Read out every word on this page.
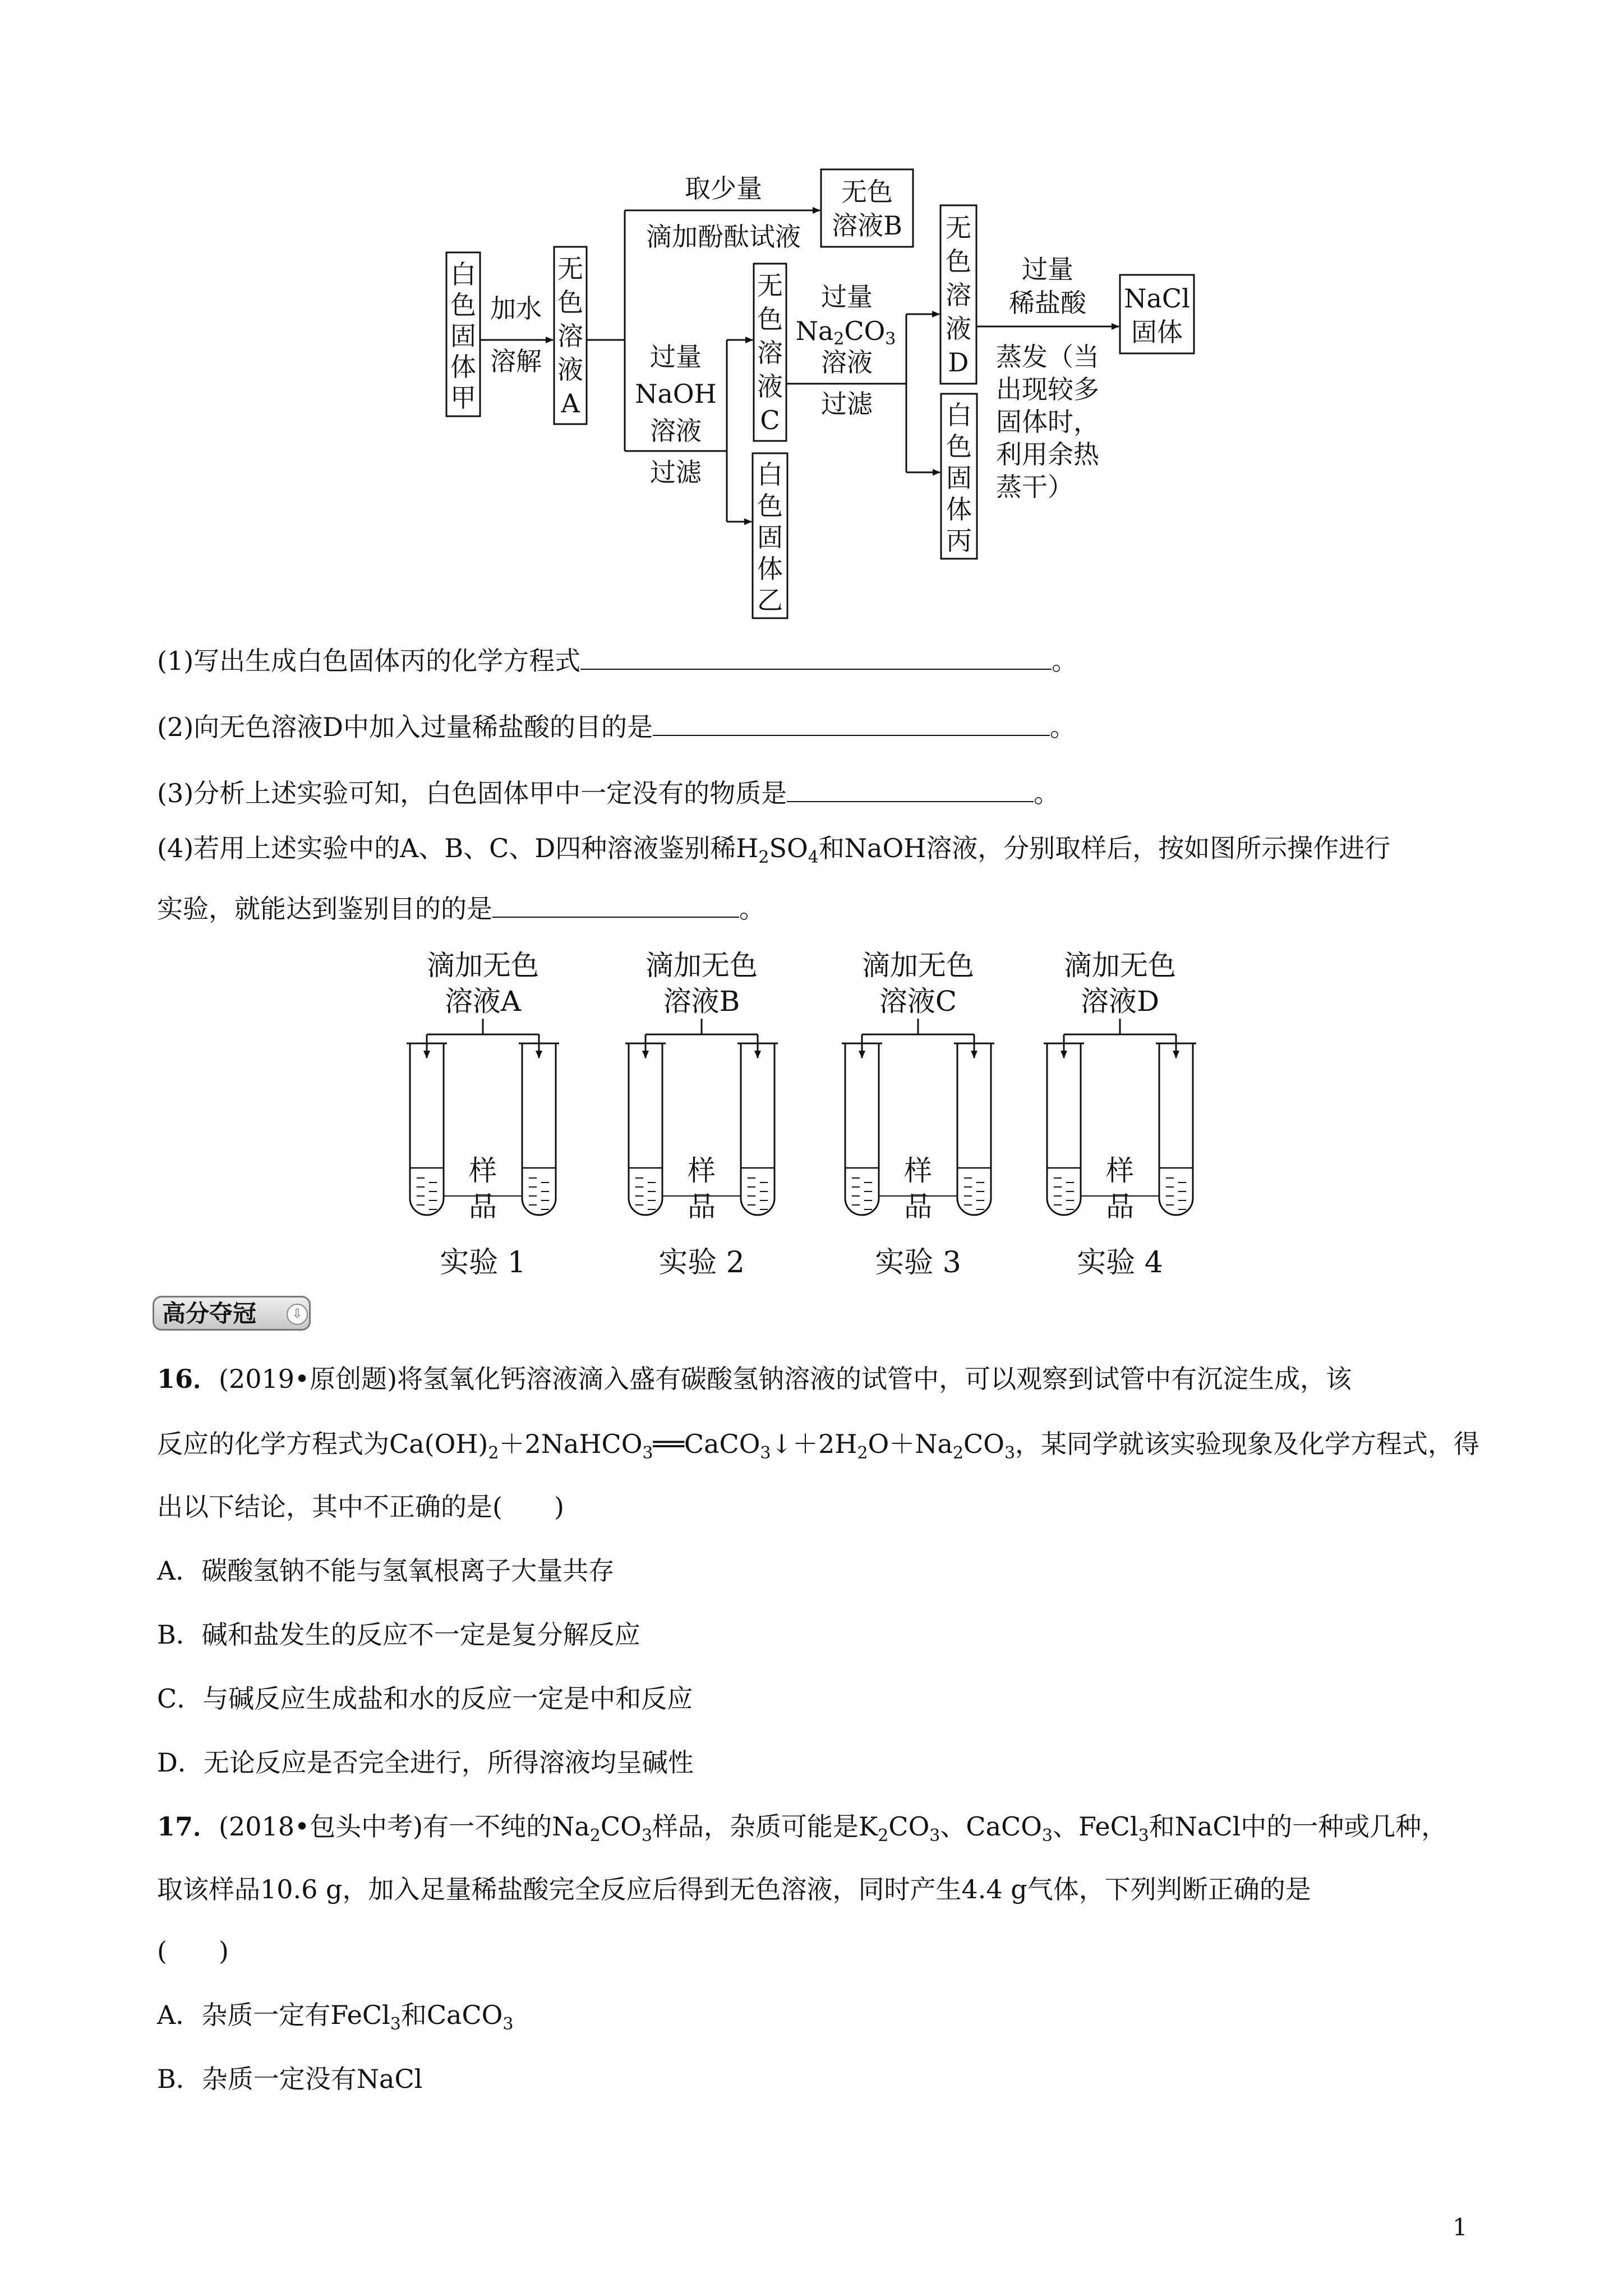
白
色
固
体
甲
加水
溶解
无
色
溶
液
A
取少量
滴加酚酞试液
无色
溶液B
过量
NaOH
溶液
过滤
无
色
溶
液
C
白
色
固
体
乙
过量
Na2CO3
溶液
过滤
无
色
溶
液
D
白
色
固
体
丙
过量
稀盐酸
蒸发（当
出现较多
固体时，
利用余热
蒸干）
NaCl
固体
(1)写出生成白色固体丙的化学方程式	。
(2)向无色溶液D中加入过量稀盐酸的目的是	。
(3)分析上述实验可知，白色固体甲中一定没有的物质是	。
(4)若用上述实验中的A、B、C、D四种溶液鉴别稀$H_2SO_4$和NaOH溶液，分别取样后，按如图所示操作进行
实验，就能达到鉴别目的的是	。
滴加无色
溶液A
样
品
实验 1
滴加无色
溶液B
样
品
实验 2
滴加无色
溶液C
样
品
实验 3
滴加无色
溶液D
样
品
实验 4
高分夺冠	⇩
16．(2019•原创题)将氢氧化钙溶液滴入盛有碳酸氢钠溶液的试管中，可以观察到试管中有沉淀生成，该
反应的化学方程式为$Ca(OH)_2+2NaHCO_3══CaCO_3↓+2H_2O+Na_2CO_3$，某同学就该实验现象及化学方程式，得
出以下结论，其中不正确的是(　　)
A．碳酸氢钠不能与氢氧根离子大量共存
B．碱和盐发生的反应不一定是复分解反应
C．与碱反应生成盐和水的反应一定是中和反应
D．无论反应是否完全进行，所得溶液均呈碱性
17．(2018•包头中考)有一不纯的$Na_2CO_3$样品，杂质可能是$K_2CO_3$、CaCO$_3$、FeCl$_3$和NaCl中的一种或几种，
取该样品10.6 g，加入足量稀盐酸完全反应后得到无色溶液，同时产生4.4 g气体，下列判断正确的是
(　　)
A．杂质一定有FeCl$_3$和CaCO$_3$
B．杂质一定没有NaCl
1
